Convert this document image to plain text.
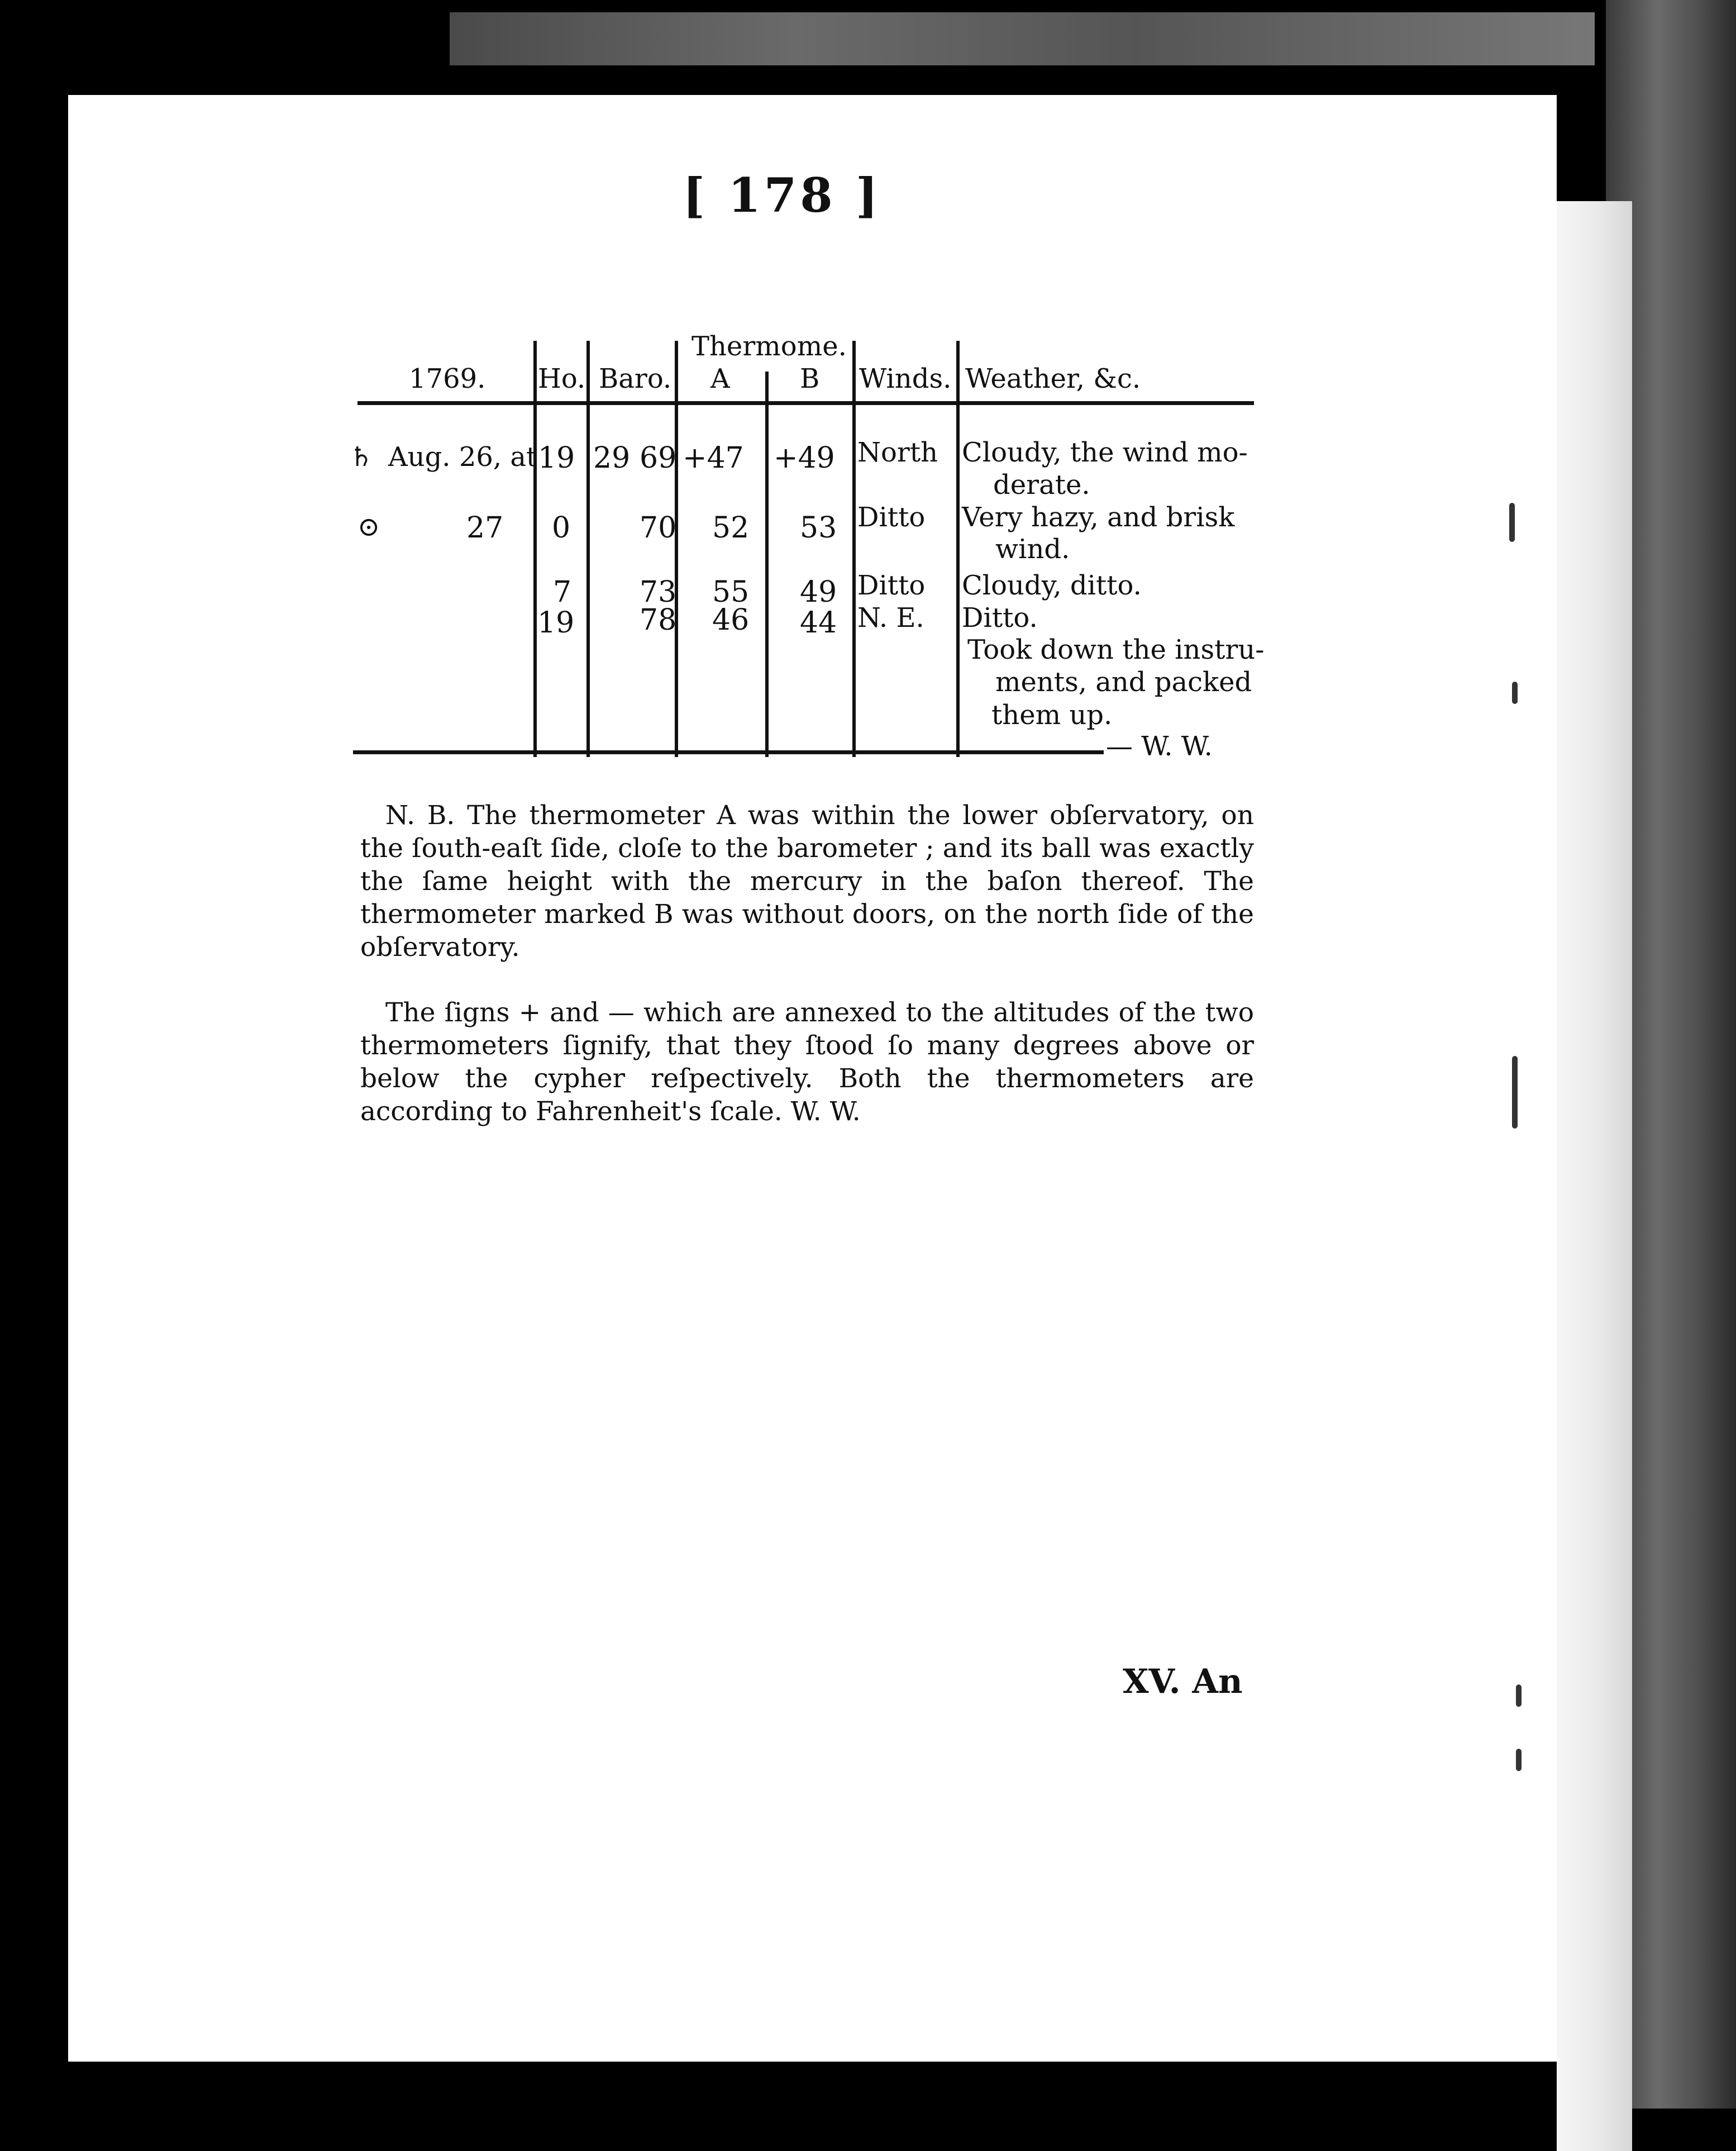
[ 178 ]
1769. Ho. Baro.
Thermome.
A	B Winds. Weather, &c.
♄ Aug. 26, at 19 29 69 +47 +49 North Cloudy, the wind mo-
derate.
⊙	27 0 70 52 53 Ditto Very hazy, and brisk
wind.
7 73 55 49 Ditto Cloudy, ditto.
19 78 46 44 N. E. Ditto.
Took down the instru-
ments, and packed
them up.
— W. W.
N. B. The thermometer A was within the lower obſervatory, on the ſouth-eaſt ſide, cloſe to the barometer ; and its ball was exactly the ſame height with the mercury in the baſon thereof. The thermometer marked B was without doors, on the north ſide of the obſervatory.
The ſigns + and — which are annexed to the altitudes of the two thermometers ſignify, that they ſtood ſo many degrees above or below the cypher reſpectively. Both the thermometers are according to Fahrenheit's ſcale. W. W.
XV. An
